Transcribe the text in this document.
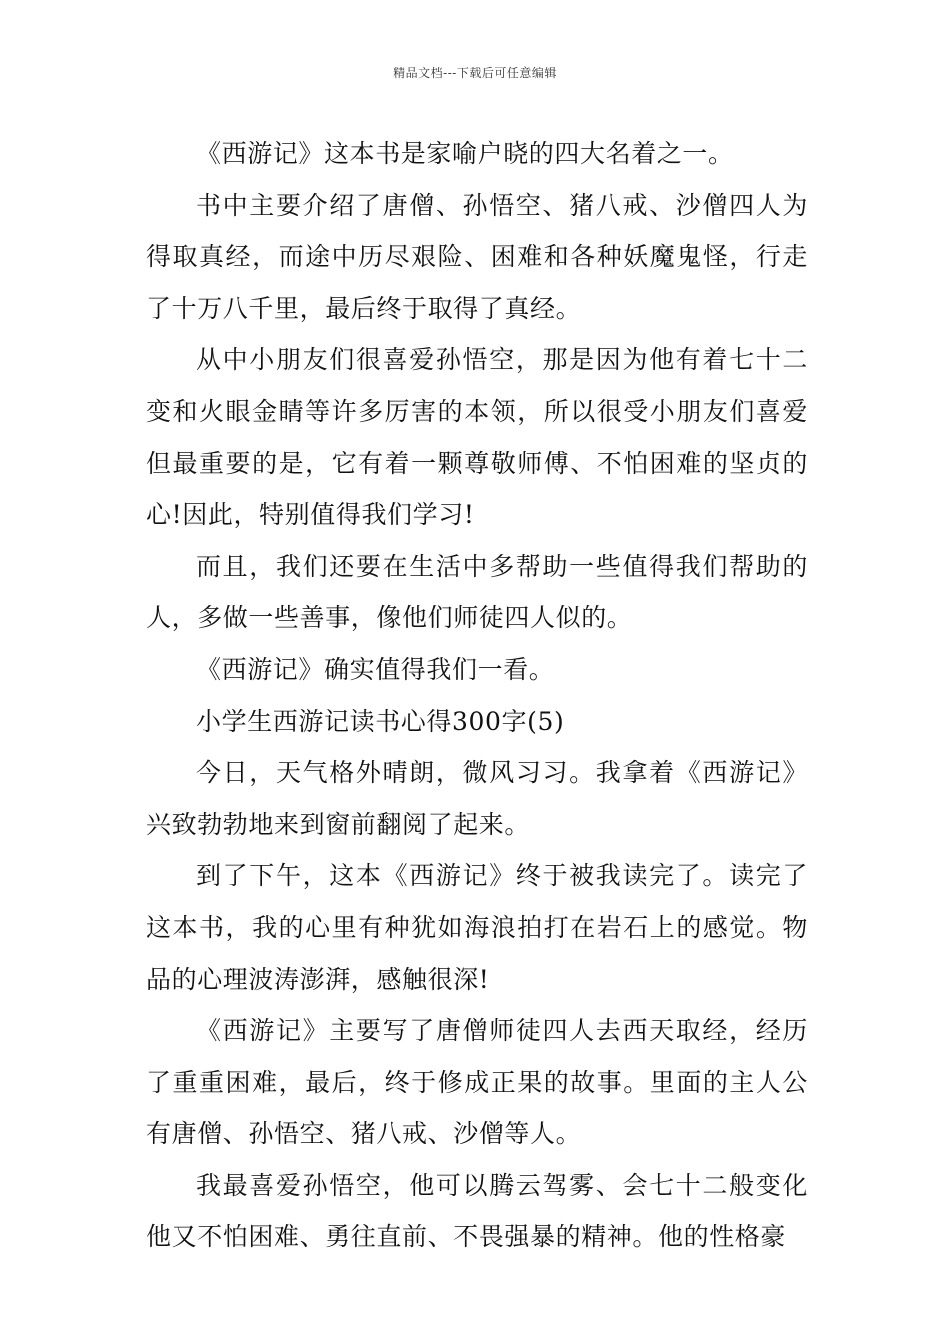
精品文档---下载后可任意编辑

《西游记》这本书是家喻户晓的四大名着之一。

书中主要介绍了唐僧、孙悟空、猪八戒、沙僧四人为得取真经，而途中历尽艰险、困难和各种妖魔鬼怪，行走了十万八千里，最后终于取得了真经。

从中小朋友们很喜爱孙悟空，那是因为他有着七十二变和火眼金睛等许多厉害的本领，所以很受小朋友们喜爱但最重要的是，它有着一颗尊敬师傅、不怕困难的坚贞的心!因此，特别值得我们学习!

而且，我们还要在生活中多帮助一些值得我们帮助的人，多做一些善事，像他们师徒四人似的。

《西游记》确实值得我们一看。

小学生西游记读书心得300字(5)

今日，天气格外晴朗，微风习习。我拿着《西游记》兴致勃勃地来到窗前翻阅了起来。

到了下午，这本《西游记》终于被我读完了。读完了这本书，我的心里有种犹如海浪拍打在岩石上的感觉。物品的心理波涛澎湃，感触很深!

《西游记》主要写了唐僧师徒四人去西天取经，经历了重重困难，最后，终于修成正果的故事。里面的主人公有唐僧、孙悟空、猪八戒、沙僧等人。

我最喜爱孙悟空，他可以腾云驾雾、会七十二般变化他又不怕困难、勇往直前、不畏强暴的精神。他的性格豪
